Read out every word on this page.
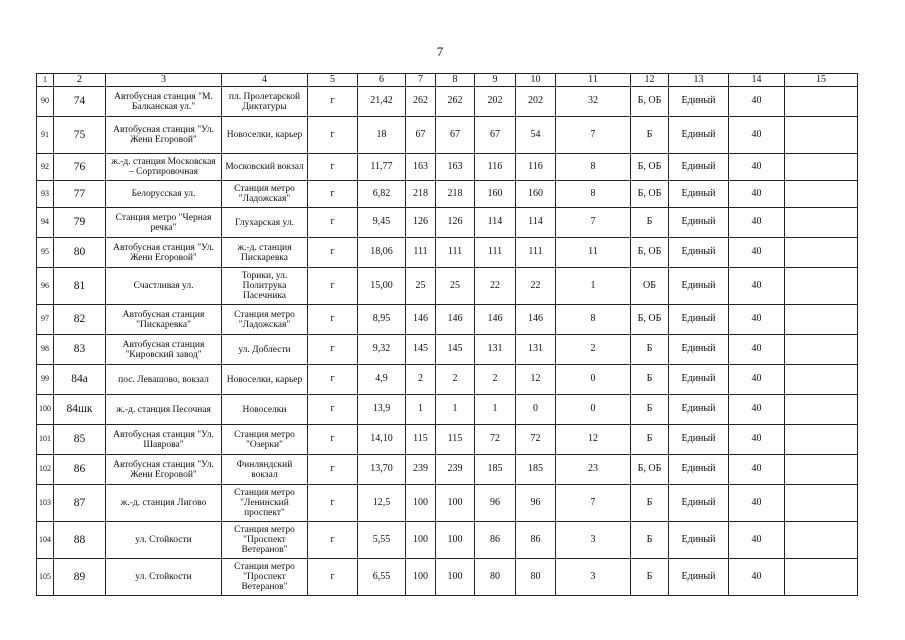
7
1	2	3	4	5	6	7	8	9	10	11	12	13	14	15
90	74	Автобусная станция "М. Балканская ул."	пл. Пролетарской Диктатуры	г	21,42	262	262	202	202	32	Б, ОБ	Единый	40	
91	75	Автобусная станция "Ул. Жени Егоровой"	Новоселки, карьер	г	18	67	67	67	54	7	Б	Единый	40	
92	76	ж.-д. станция Московская – Сортировочная	Московский вокзал	г	11,77	163	163	116	116	8	Б, ОБ	Единый	40	
93	77	Белорусская ул.	Станция метро "Ладожская"	г	6,82	218	218	160	160	8	Б, ОБ	Единый	40	
94	79	Станция метро "Черная речка"	Глухарская ул.	г	9,45	126	126	114	114	7	Б	Единый	40	
95	80	Автобусная станция "Ул. Жени Егоровой"	ж.-д. станция Пискаревка	г	18,06	111	111	111	111	11	Б, ОБ	Единый	40	
96	81	Счастливая ул.	Торики, ул. Политрука Пасечника	г	15,00	25	25	22	22	1	ОБ	Единый	40	
97	82	Автобусная станция "Пискаревка"	Станция метро "Ладожская"	г	8,95	146	146	146	146	8	Б, ОБ	Единый	40	
98	83	Автобусная станция "Кировский завод"	ул. Доблести	г	9,32	145	145	131	131	2	Б	Единый	40	
99	84а	пос. Левашово, вокзал	Новоселки, карьер	г	4,9	2	2	2	12	0	Б	Единый	40	
100	84шк	ж.-д. станция Песочная	Новоселки	г	13,9	1	1	1	0	0	Б	Единый	40	
101	85	Автобусная станция "Ул. Шаврова"	Станция метро "Озерки"	г	14,10	115	115	72	72	12	Б	Единый	40	
102	86	Автобусная станция "Ул. Жени Егоровой"	Финляндский вокзал	г	13,70	239	239	185	185	23	Б, ОБ	Единый	40	
103	87	ж.-д. станция Лигово	Станция метро "Ленинский проспект"	г	12,5	100	100	96	96	7	Б	Единый	40	
104	88	ул. Стойкости	Станция метро "Проспект Ветеранов"	г	5,55	100	100	86	86	3	Б	Единый	40	
105	89	ул. Стойкости	Станция метро "Проспект Ветеранов"	г	6,55	100	100	80	80	3	Б	Единый	40	
